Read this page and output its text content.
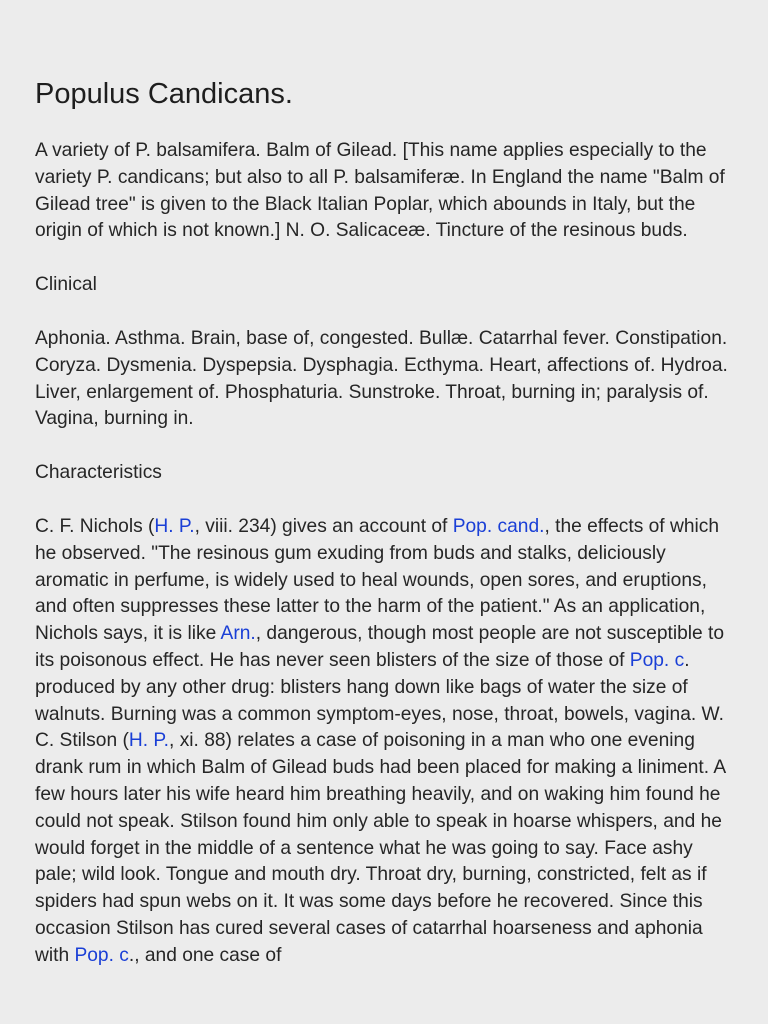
Populus Candicans.

A variety of P. balsamifera. Balm of Gilead. [This name applies especially to the variety P. candicans; but also to all P. balsamiferæ. In England the name "Balm of Gilead tree" is given to the Black Italian Poplar, which abounds in Italy, but the origin of which is not known.] N. O. Salicaceæ. Tincture of the resinous buds.

Clinical

Aphonia. Asthma. Brain, base of, congested. Bullæ. Catarrhal fever. Constipation. Coryza. Dysmenia. Dyspepsia. Dysphagia. Ecthyma. Heart, affections of. Hydroa. Liver, enlargement of. Phosphaturia. Sunstroke. Throat, burning in; paralysis of. Vagina, burning in.

Characteristics

C. F. Nichols (H. P., viii. 234) gives an account of Pop. cand., the effects of which he observed. "The resinous gum exuding from buds and stalks, deliciously aromatic in perfume, is widely used to heal wounds, open sores, and eruptions, and often suppresses these latter to the harm of the patient." As an application, Nichols says, it is like Arn., dangerous, though most people are not susceptible to its poisonous effect. He has never seen blisters of the size of those of Pop. c. produced by any other drug: blisters hang down like bags of water the size of walnuts. Burning was a common symptom-eyes, nose, throat, bowels, vagina. W. C. Stilson (H. P., xi. 88) relates a case of poisoning in a man who one evening drank rum in which Balm of Gilead buds had been placed for making a liniment. A few hours later his wife heard him breathing heavily, and on waking him found he could not speak. Stilson found him only able to speak in hoarse whispers, and he would forget in the middle of a sentence what he was going to say. Face ashy pale; wild look. Tongue and mouth dry. Throat dry, burning, constricted, felt as if spiders had spun webs on it. It was some days before he recovered. Since this occasion Stilson has cured several cases of catarrhal hoarseness and aphonia with Pop. c., and one case of
